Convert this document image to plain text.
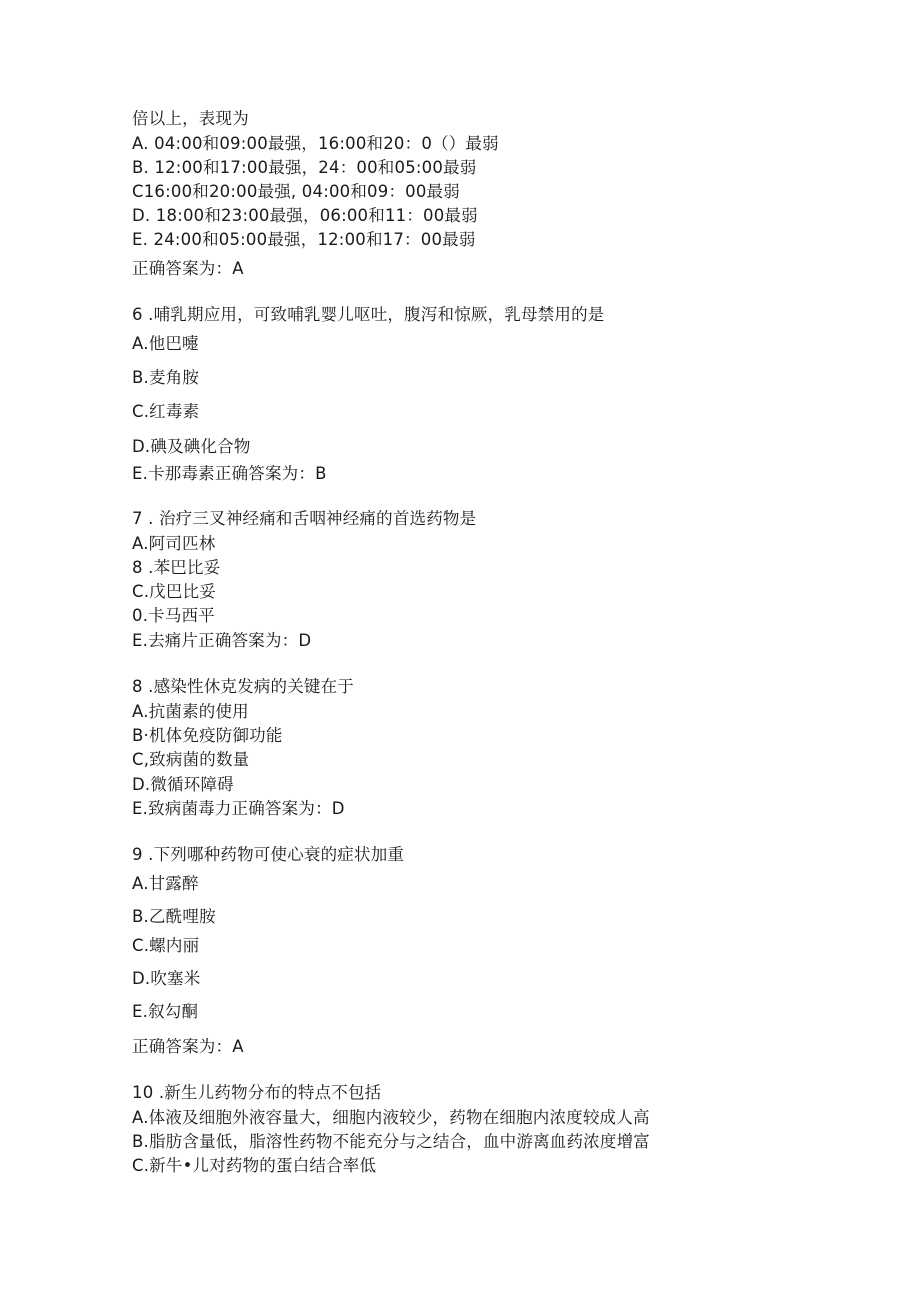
倍以上，表现为
A. 04:00和09:00最强，16:00和20：0（）最弱
B. 12:00和17:00最强，24：00和05:00最弱
C16:00和20:00最强, 04:00和09：00最弱
D. 18:00和23:00最强，06:00和11：00最弱
E. 24:00和05:00最强，12:00和17：00最弱
正确答案为：A
6 .哺乳期应用，可致哺乳婴儿呕吐，腹泻和惊厥，乳母禁用的是
A.他巴嚏
B.麦角胺
C.红毒素
D.碘及碘化合物
E.卡那毒素正确答案为：B
7 . 治疗三叉神经痛和舌咽神经痛的首选药物是
A.阿司匹林
8 .苯巴比妥
C.戊巴比妥
0.卡马西平
E.去痛片正确答案为：D
8 .感染性休克发病的关键在于
A.抗菌素的使用
B·机体免疫防御功能
C,致病菌的数量
D.微循环障碍
E.致病菌毒力正确答案为：D
9 .下列哪种药物可使心衰的症状加重
A.甘露醉
B.乙酰哩胺
C.螺内丽
D.吹塞米
E.叙勾酮
正确答案为：A
10 .新生儿药物分布的特点不包括
A.体液及细胞外液容量大，细胞内液较少，药物在细胞内浓度较成人高
B.脂肪含量低，脂溶性药物不能充分与之结合，血中游离血药浓度增富
C.新牛•儿对药物的蛋白结合率低
